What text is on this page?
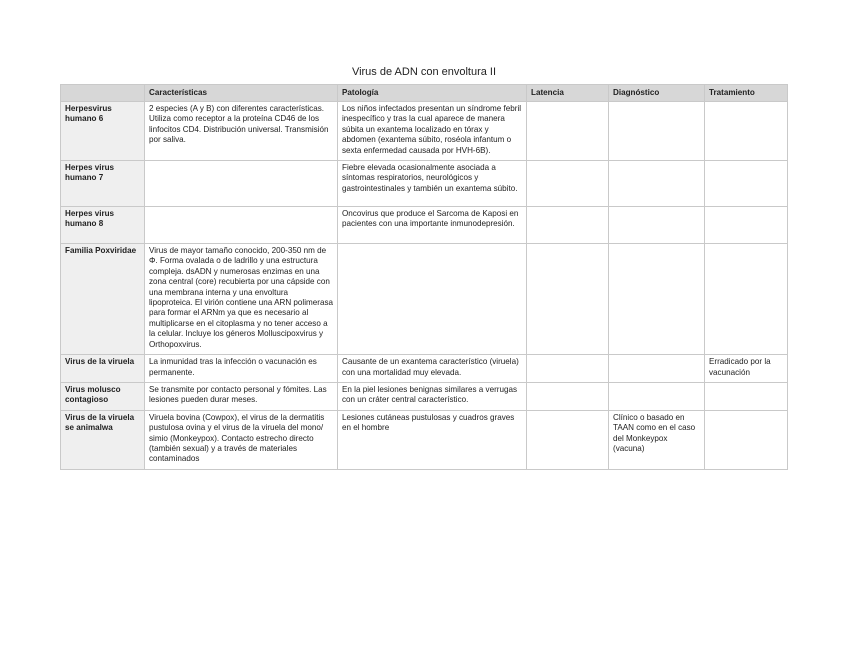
Virus de ADN con envoltura II
	Características	Patología	Latencia	Diagnóstico	Tratamiento
Herpesvirus humano 6	2 especies (A y B) con diferentes características. Utiliza como receptor a la proteína CD46 de los linfocitos CD4. Distribución universal. Transmisión por saliva.	Los niños infectados presentan un síndrome febril inespecífico y tras la cual aparece de manera súbita un exantema localizado en tórax y abdomen (exantema súbito, roséola infantum o sexta enfermedad causada por HVH-6B).			
Herpes virus humano 7		Fiebre elevada ocasionalmente asociada a síntomas respiratorios, neurológicos y gastrointestinales y también un exantema súbito.			
Herpes virus humano 8		Oncovirus que produce el Sarcoma de Kaposi en pacientes con una importante inmunodepresión.			
Familia Poxviridae	Virus de mayor tamaño conocido, 200-350 nm de Φ. Forma ovalada o de ladrillo y una estructura compleja. dsADN y numerosas enzimas en una zona central (core) recubierta por una cápside con una membrana interna y una envoltura lipoproteica. El virión contiene una ARN polimerasa para formar el ARNm ya que es necesario al multiplicarse en el citoplasma y no tener acceso a la celular. Incluye los géneros Molluscipoxvirus y Orthopoxvirus.				
Virus de la viruela	La inmunidad tras la infección o vacunación es permanente.	Causante de un exantema característico (viruela) con una mortalidad muy elevada.			Erradicado por la vacunación
Virus molusco contagioso	Se transmite por contacto personal y fómites. Las lesiones pueden durar meses.	En la piel lesiones benignas similares a verrugas con un cráter central característico.			
Virus de la viruela se animalwa	Viruela bovina (Cowpox), el virus de la dermatitis pustulosa ovina y el virus de la viruela del mono/ simio (Monkeypox). Contacto estrecho directo (también sexual) y a través de materiales contaminados	Lesiones cutáneas pustulosas y cuadros graves en el hombre		Clínico o basado en TAAN como en el caso del Monkeypox (vacuna)	
